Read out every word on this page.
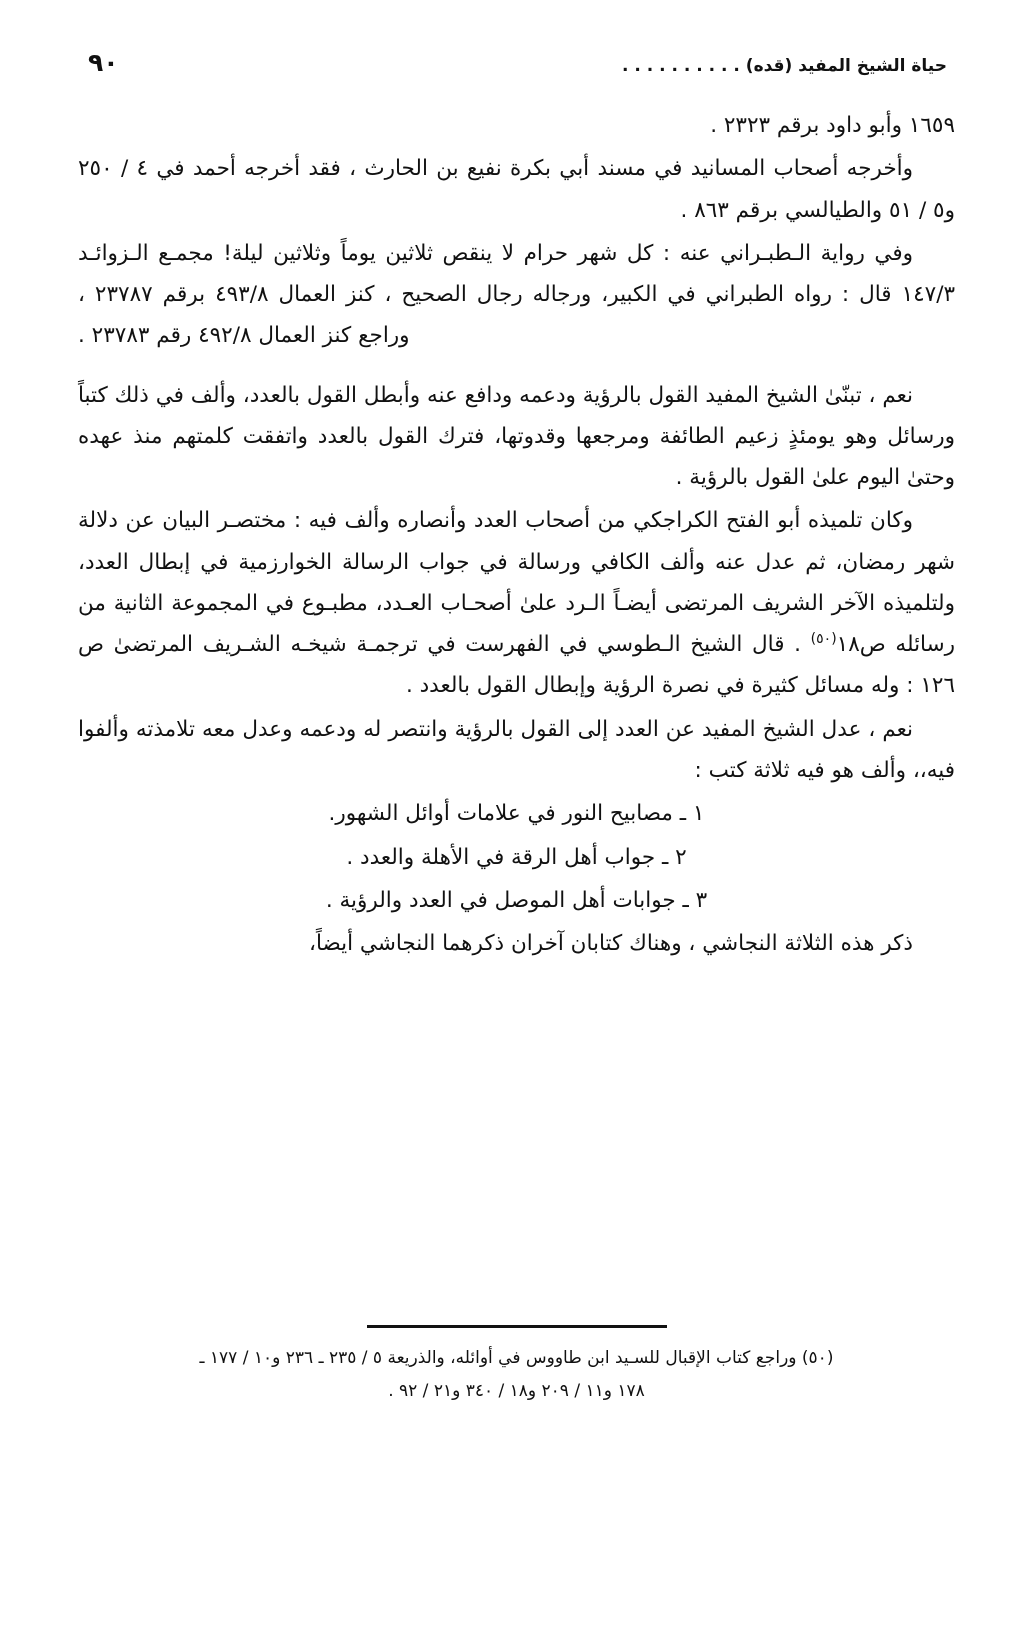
٩٠	حياة الشيخ المفيد (قده) . . . . . . . . . .

١٦٥٩ وأبو داود برقم ٢٣٢٣ .

وأخرجه أصحاب المسانيد في مسند أبي بكرة نفيع بن الحارث ، فقد أخرجه أحمد في ٤ / ٢٥٠ و٥ / ٥١ والطيالسي برقم ٨٦٣ .

وفي رواية الـطبـراني عنه : كل شهر حرام لا ينقص ثلاثين يوماً وثلاثين ليلة! مجمـع الـزوائـد ١٤٧/٣ قال : رواه الطبراني في الكبير، ورجاله رجال الصحيح ، كنز العمال ٤٩٣/٨ برقم ٢٣٧٨٧ ، وراجع كنز العمال ٤٩٢/٨ رقم ٢٣٧٨٣ .

نعم ، تبنّىٰ الشيخ المفيد القول بالرؤية ودعمه ودافع عنه وأبطل القول بالعدد، وألف في ذلك كتباً ورسائل وهو يومئذٍ زعيم الطائفة ومرجعها وقدوتها، فترك القول بالعدد واتفقت كلمتهم منذ عهده وحتىٰ اليوم علىٰ القول بالرؤية .

وكان تلميذه أبو الفتح الكراجكي من أصحاب العدد وأنصاره وألف فيه : مختصـر البيان عن دلالة شهر رمضان، ثم عدل عنه وألف الكافي ورسالة في جواب الرسالة الخوارزمية في إبطال العدد، ولتلميذه الآخر الشريف المرتضى أيضـاً الـرد علىٰ أصحـاب العـدد، مطبـوع في المجموعة الثانية من رسائله ص١٨$^{(٥٠)}$ . قال الشيخ الـطوسي في الفهرست في ترجمـة شيخـه الشـريف المرتضىٰ ص ١٢٦ : وله مسائل كثيرة في نصرة الرؤية وإبطال القول بالعدد .

نعم ، عدل الشيخ المفيد عن العدد إلى القول بالرؤية وانتصر له ودعمه وعدل معه تلامذته وألفوا فيه،، وألف هو فيه ثلاثة كتب :

١ ـ مصابيح النور في علامات أوائل الشهور.

٢ ـ جواب أهل الرقة في الأهلة والعدد .

٣ ـ جوابات أهل الموصل في العدد والرؤية .

ذكر هذه الثلاثة النجاشي ، وهناك كتابان آخران ذكرهما النجاشي أيضاً،

(٥٠) وراجع كتاب الإقبال للسـيد ابن طاووس في أوائله، والذريعة ٥ / ٢٣٥ ـ ٢٣٦ و١٠ / ١٧٧ ـ
١٧٨ و١١ / ٢٠٩ و١٨ / ٣٤٠ و٢١ / ٩٢ .
